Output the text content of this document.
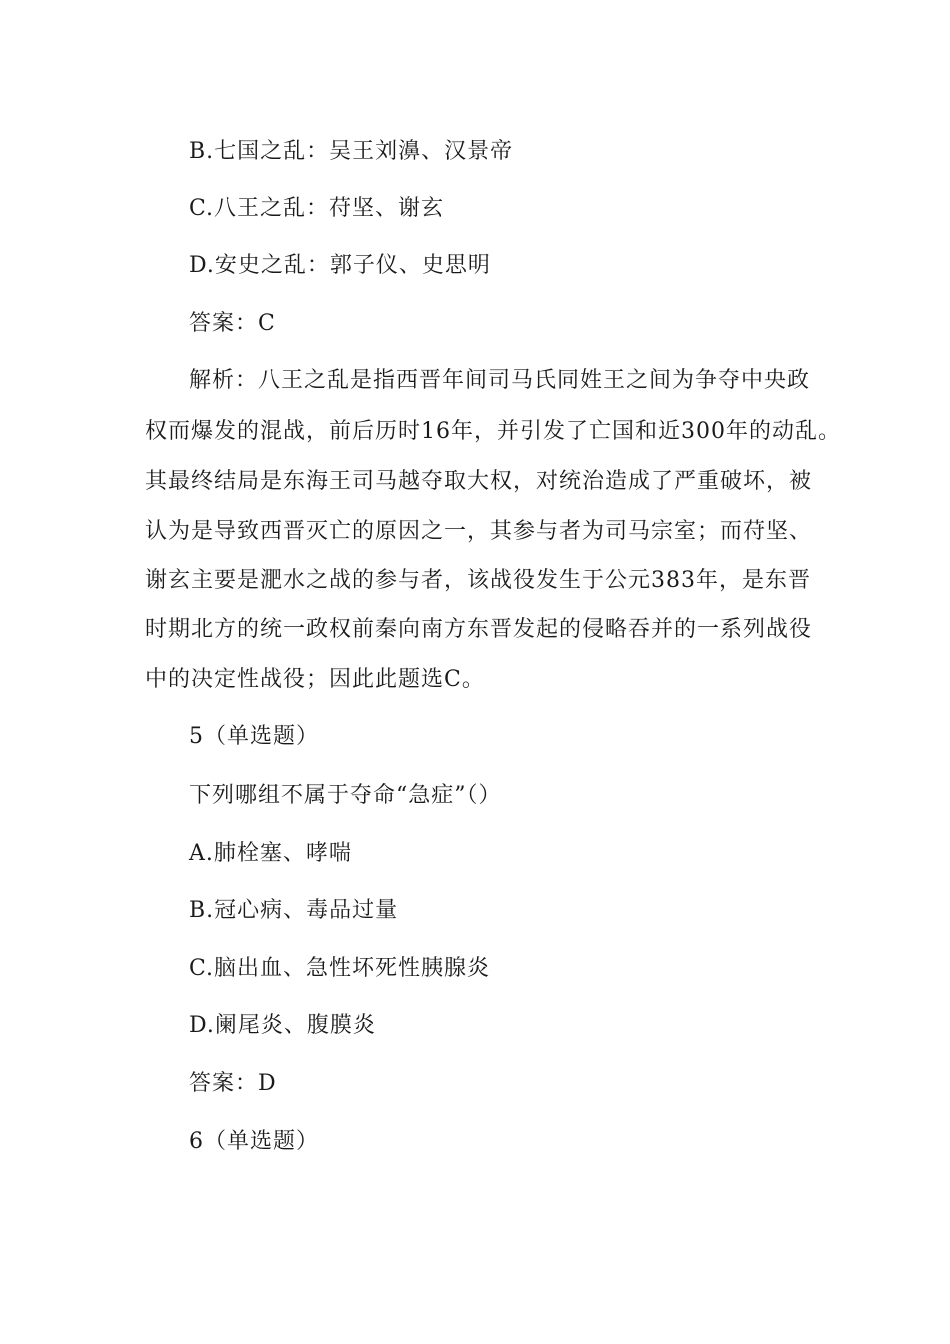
B.七国之乱：吴王刘濞、汉景帝
C.八王之乱：苻坚、谢玄
D.安史之乱：郭子仪、史思明
答案：C
解析：八王之乱是指西晋年间司马氏同姓王之间为争夺中央政
权而爆发的混战，前后历时16年，并引发了亡国和近300年的动乱。
其最终结局是东海王司马越夺取大权，对统治造成了严重破坏，被
认为是导致西晋灭亡的原因之一，其参与者为司马宗室；而苻坚、
谢玄主要是淝水之战的参与者，该战役发生于公元383年，是东晋
时期北方的统一政权前秦向南方东晋发起的侵略吞并的一系列战役
中的决定性战役；因此此题选C。
5（单选题）
下列哪组不属于夺命“急症”（）
A.肺栓塞、哮喘
B.冠心病、毒品过量
C.脑出血、急性坏死性胰腺炎
D.阑尾炎、腹膜炎
答案：D
6（单选题）
